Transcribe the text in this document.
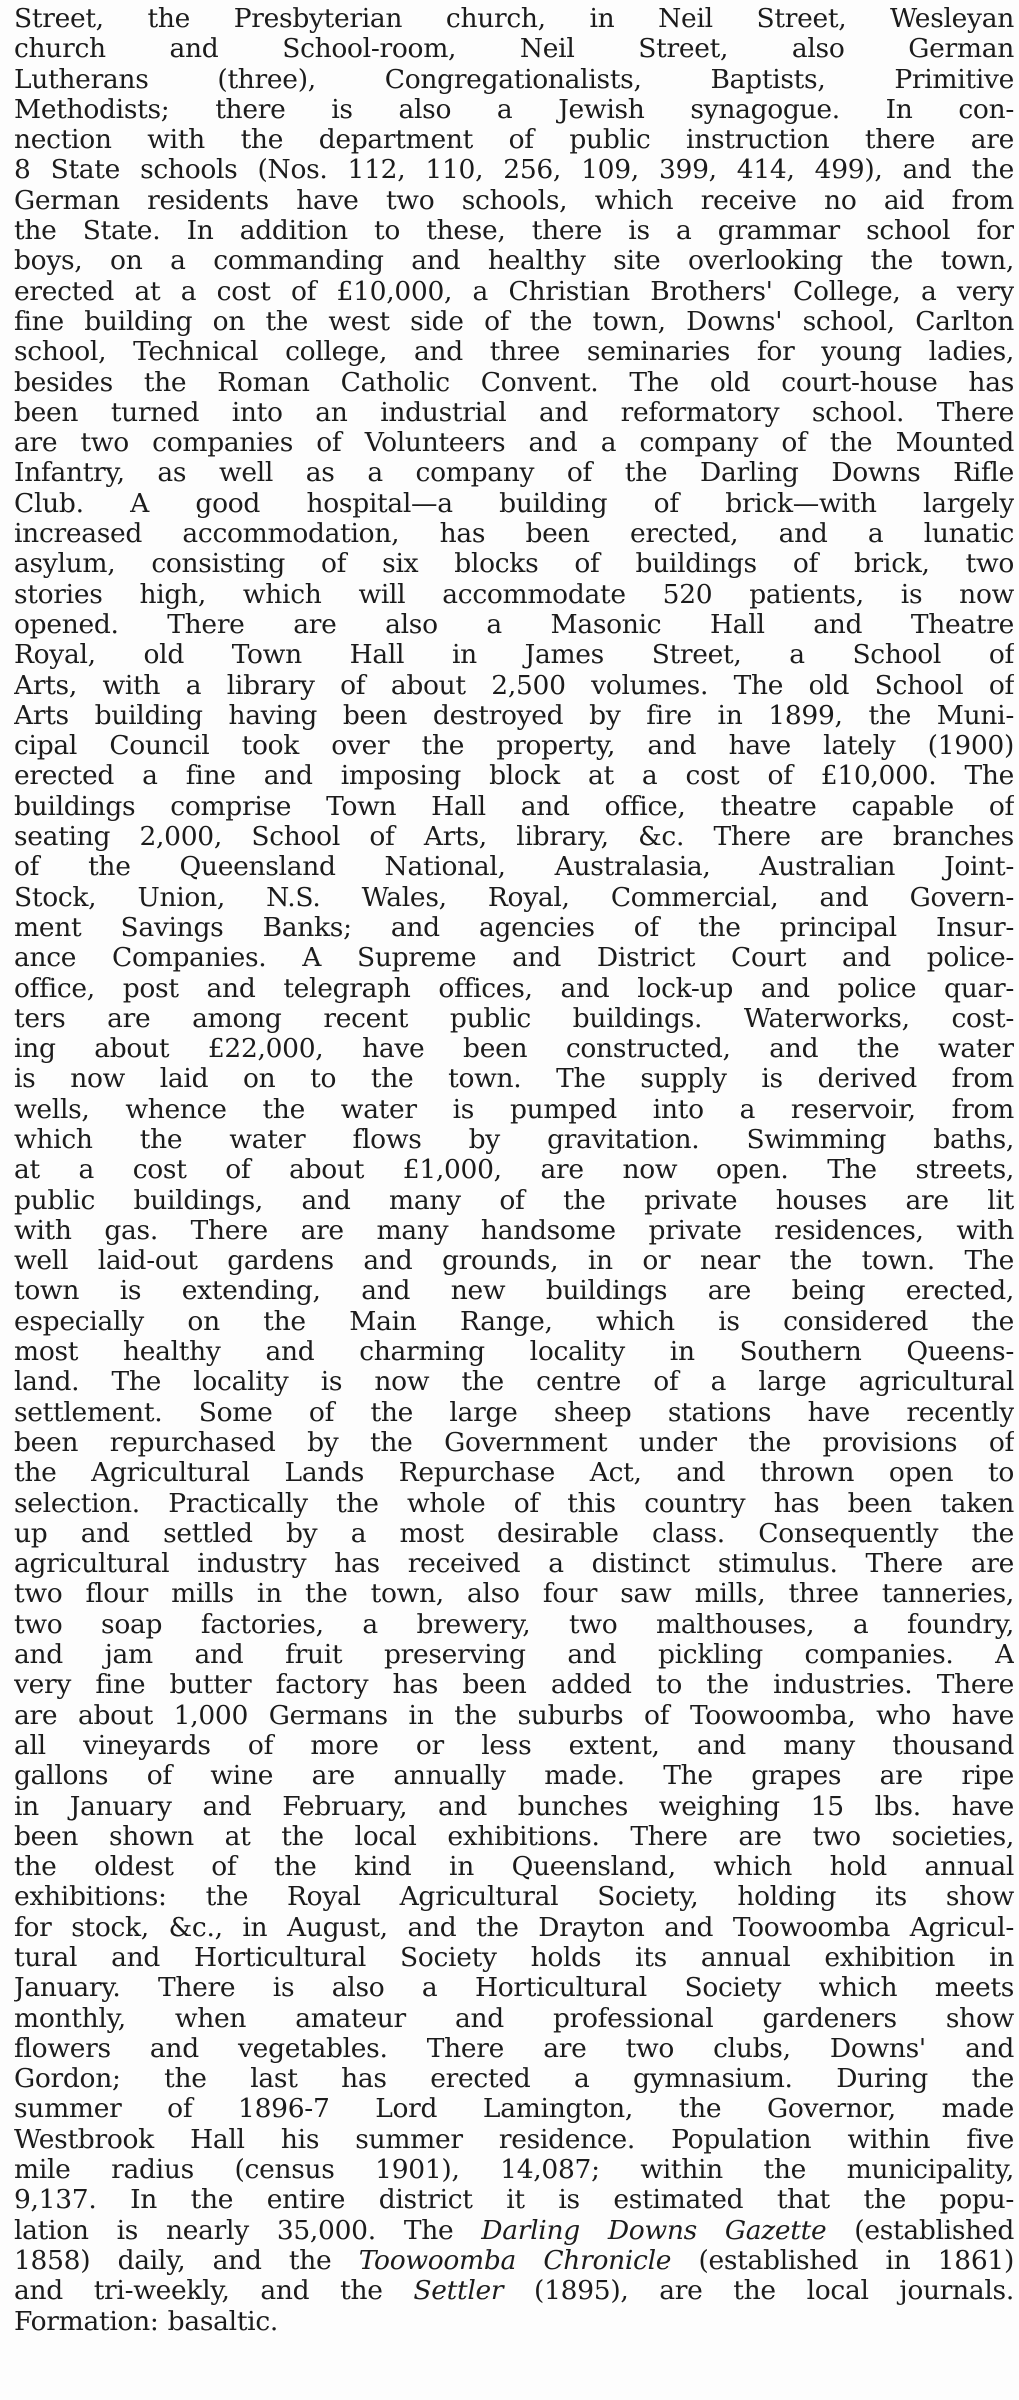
Street, the Presbyterian church, in Neil Street, Wesleyan
church and School-room, Neil Street, also German
Lutherans (three), Congregationalists, Baptists, Primitive
Methodists; there is also a Jewish synagogue. In con-
nection with the department of public instruction there are
8 State schools (Nos. 112, 110, 256, 109, 399, 414, 499), and the
German residents have two schools, which receive no aid from
the State. In addition to these, there is a grammar school for
boys, on a commanding and healthy site overlooking the town,
erected at a cost of £10,000, a Christian Brothers' College, a very
fine building on the west side of the town, Downs' school, Carlton
school, Technical college, and three seminaries for young ladies,
besides the Roman Catholic Convent. The old court-house has
been turned into an industrial and reformatory school. There
are two companies of Volunteers and a company of the Mounted
Infantry, as well as a company of the Darling Downs Rifle
Club. A good hospital—a building of brick—with largely
increased accommodation, has been erected, and a lunatic
asylum, consisting of six blocks of buildings of brick, two
stories high, which will accommodate 520 patients, is now
opened. There are also a Masonic Hall and Theatre
Royal, old Town Hall in James Street, a School of
Arts, with a library of about 2,500 volumes. The old School of
Arts building having been destroyed by fire in 1899, the Muni-
cipal Council took over the property, and have lately (1900)
erected a fine and imposing block at a cost of £10,000. The
buildings comprise Town Hall and office, theatre capable of
seating 2,000, School of Arts, library, &c. There are branches
of the Queensland National, Australasia, Australian Joint-
Stock, Union, N.S. Wales, Royal, Commercial, and Govern-
ment Savings Banks; and agencies of the principal Insur-
ance Companies. A Supreme and District Court and police-
office, post and telegraph offices, and lock-up and police quar-
ters are among recent public buildings. Waterworks, cost-
ing about £22,000, have been constructed, and the water
is now laid on to the town. The supply is derived from
wells, whence the water is pumped into a reservoir, from
which the water flows by gravitation. Swimming baths,
at a cost of about £1,000, are now open. The streets,
public buildings, and many of the private houses are lit
with gas. There are many handsome private residences, with
well laid-out gardens and grounds, in or near the town. The
town is extending, and new buildings are being erected,
especially on the Main Range, which is considered the
most healthy and charming locality in Southern Queens-
land. The locality is now the centre of a large agricultural
settlement. Some of the large sheep stations have recently
been repurchased by the Government under the provisions of
the Agricultural Lands Repurchase Act, and thrown open to
selection. Practically the whole of this country has been taken
up and settled by a most desirable class. Consequently the
agricultural industry has received a distinct stimulus. There are
two flour mills in the town, also four saw mills, three tanneries,
two soap factories, a brewery, two malthouses, a foundry,
and jam and fruit preserving and pickling companies. A
very fine butter factory has been added to the industries. There
are about 1,000 Germans in the suburbs of Toowoomba, who have
all vineyards of more or less extent, and many thousand
gallons of wine are annually made. The grapes are ripe
in January and February, and bunches weighing 15 lbs. have
been shown at the local exhibitions. There are two societies,
the oldest of the kind in Queensland, which hold annual
exhibitions: the Royal Agricultural Society, holding its show
for stock, &c., in August, and the Drayton and Toowoomba Agricul-
tural and Horticultural Society holds its annual exhibition in
January. There is also a Horticultural Society which meets
monthly, when amateur and professional gardeners show
flowers and vegetables. There are two clubs, Downs' and
Gordon; the last has erected a gymnasium. During the
summer of 1896-7 Lord Lamington, the Governor, made
Westbrook Hall his summer residence. Population within five
mile radius (census 1901), 14,087; within the municipality,
9,137. In the entire district it is estimated that the popu-
lation is nearly 35,000. The Darling Downs Gazette (established
1858) daily, and the Toowoomba Chronicle (established in 1861)
and tri-weekly, and the Settler (1895), are the local journals.
Formation: basaltic.
